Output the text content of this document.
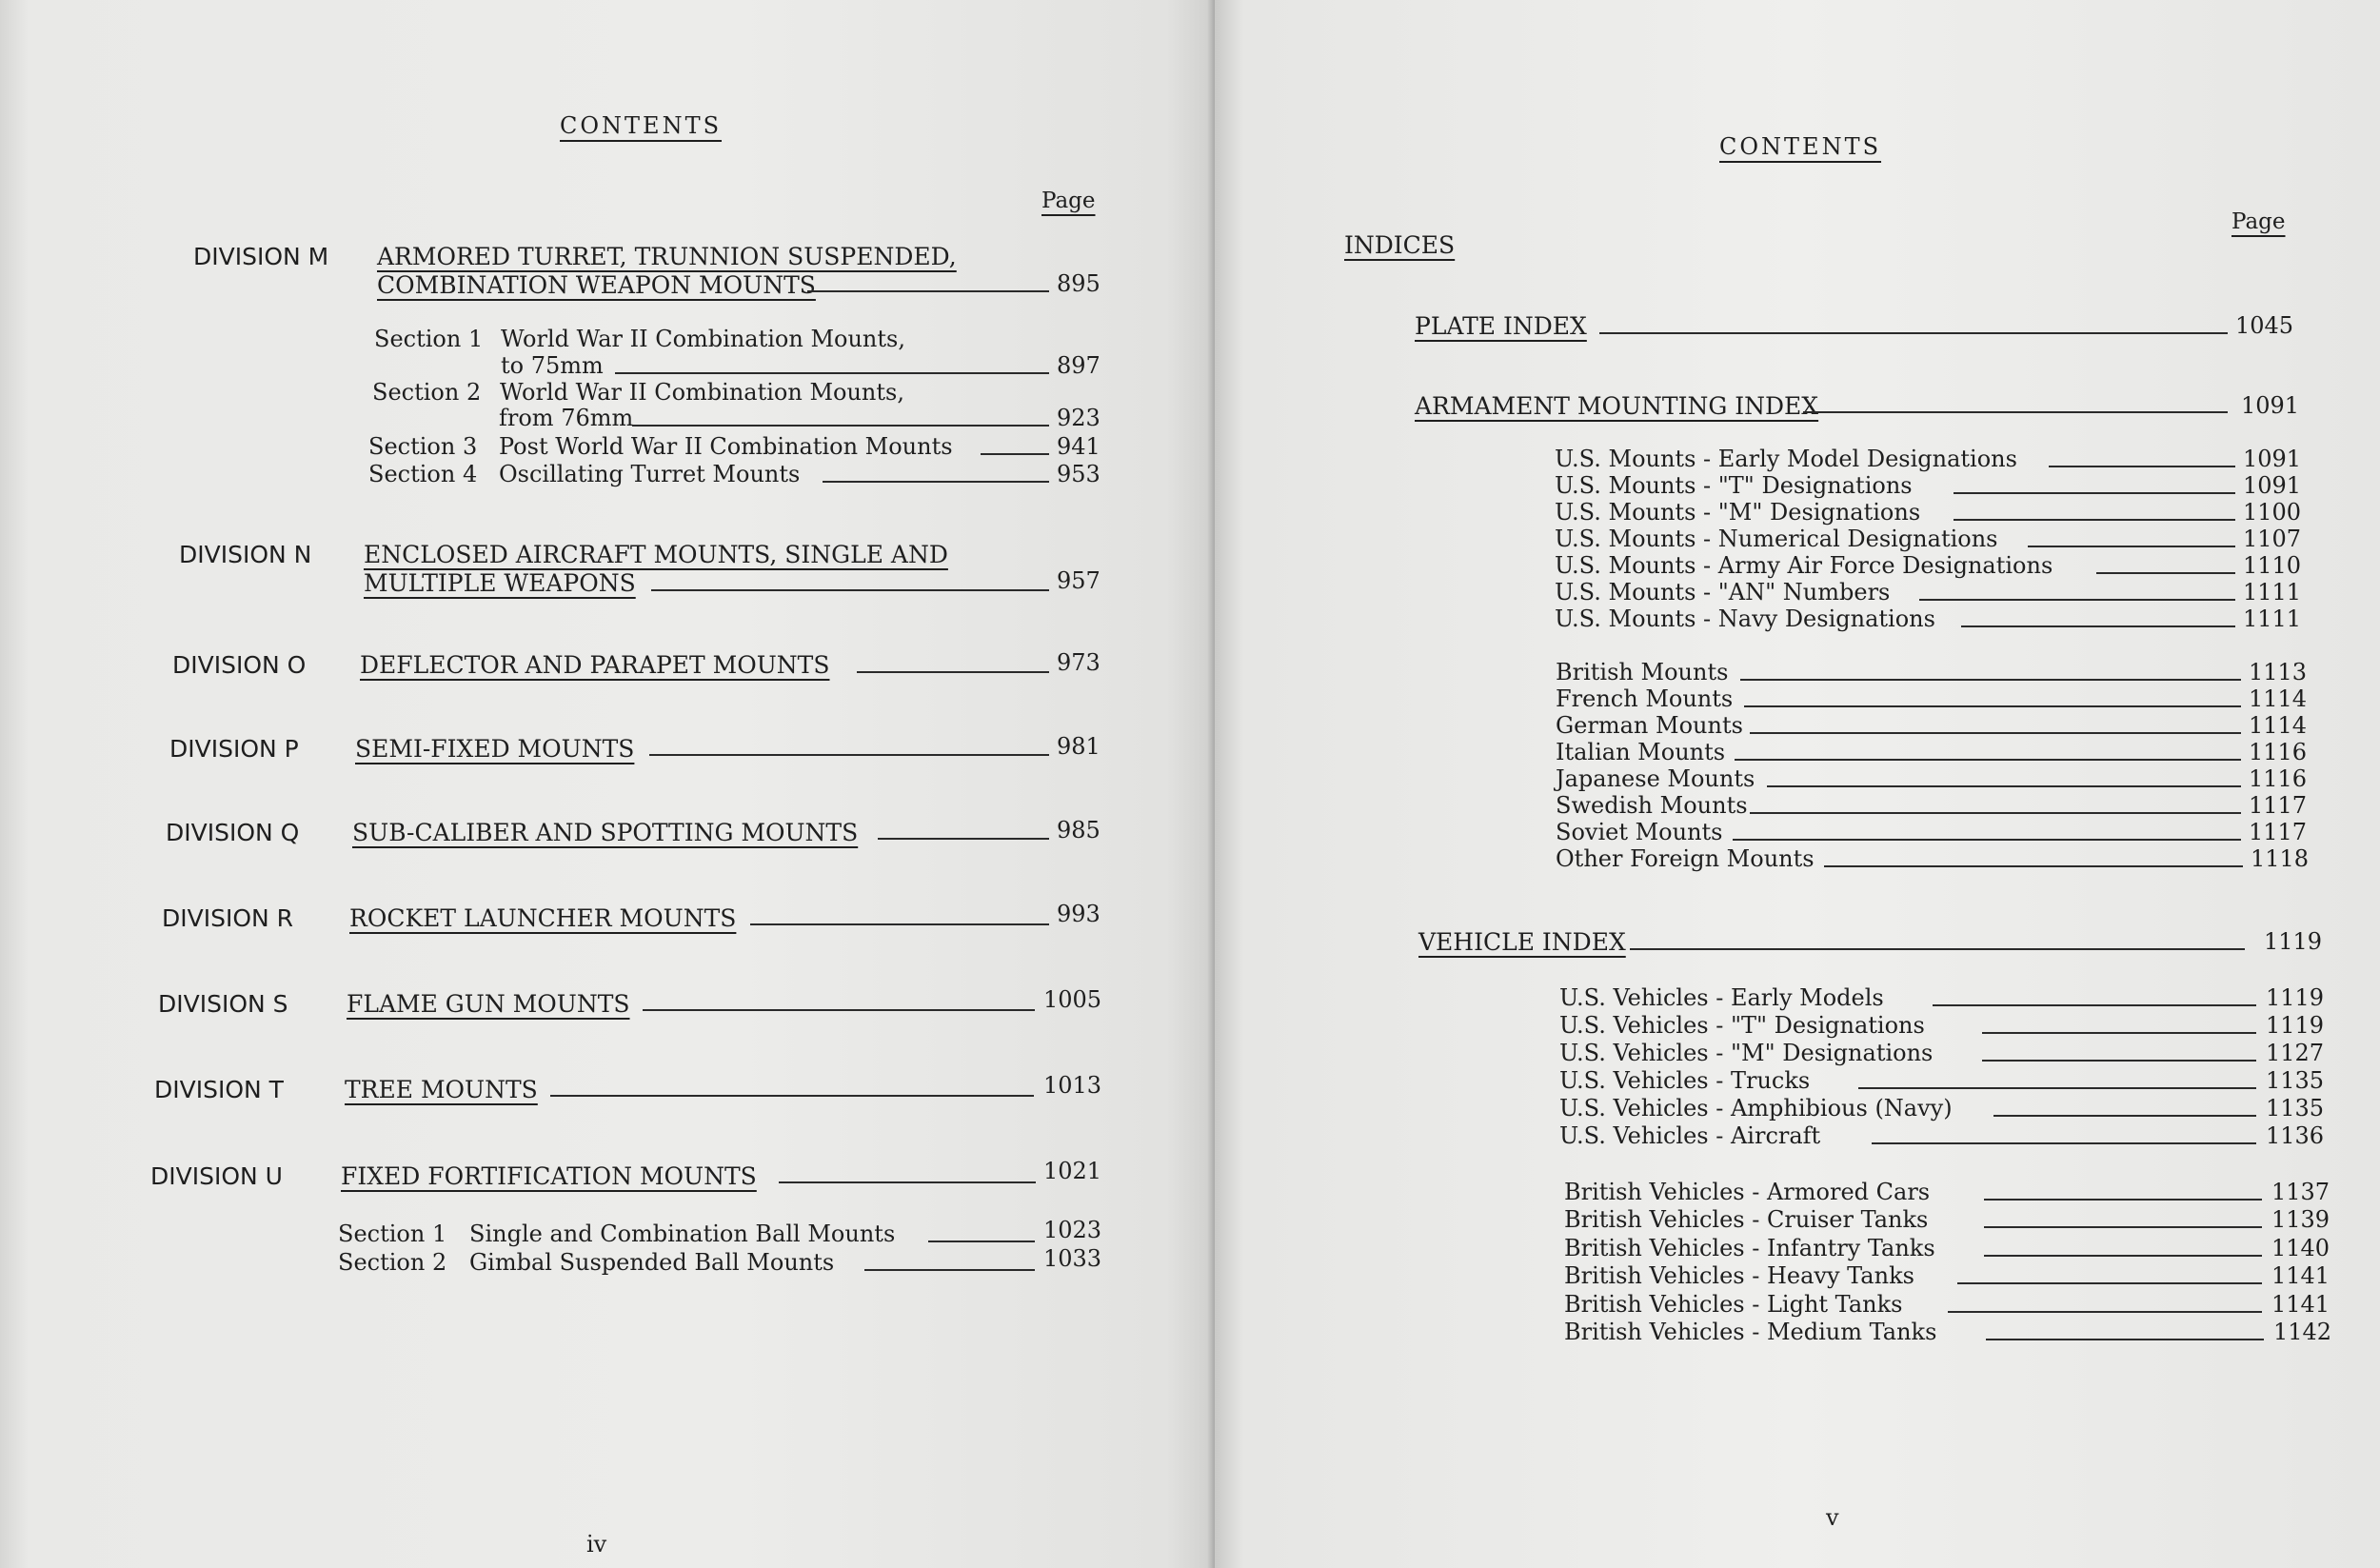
CONTENTS
Page
DIVISION M ARMORED TURRET, TRUNNION SUSPENDED,
COMBINATION WEAPON MOUNTS	895
Section 1 World War II Combination Mounts,
to 75mm	897
Section 2 World War II Combination Mounts,
from 76mm	923
Section 3 Post World War II Combination Mounts	941
Section 4 Oscillating Turret Mounts	953
DIVISION N ENCLOSED AIRCRAFT MOUNTS, SINGLE AND
MULTIPLE WEAPONS	957
DIVISION O DEFLECTOR AND PARAPET MOUNTS	973
DIVISION P SEMI-FIXED MOUNTS	981
DIVISION Q SUB-CALIBER AND SPOTTING MOUNTS	985
DIVISION R ROCKET LAUNCHER MOUNTS	993
DIVISION S FLAME GUN MOUNTS	1005
DIVISION T	TREE MOUNTS	1013
DIVISION U FIXED FORTIFICATION MOUNTS	1021
Section 1 Single and Combination Ball Mounts	1023
Section 2 Gimbal Suspended Ball Mounts	1033
iv
CONTENTS
Page
INDICES
PLATE INDEX	1045
ARMAMENT MOUNTING INDEX	1091
U.S. Mounts - Early Model Designations	1091
U.S. Mounts - "T" Designations	1091
U.S. Mounts - "M" Designations	1100
U.S. Mounts - Numerical Designations	1107
U.S. Mounts - Army Air Force Designations	1110
U.S. Mounts - "AN" Numbers	1111
U.S. Mounts - Navy Designations	1111
British Mounts	1113
French Mounts	1114
German Mounts	1114
Italian Mounts	1116
Japanese Mounts	1116
Swedish Mounts	1117
Soviet Mounts	1117
Other Foreign Mounts	1118
VEHICLE INDEX	1119
U.S. Vehicles - Early Models	1119
U.S. Vehicles - "T" Designations	1119
U.S. Vehicles - "M" Designations	1127
U.S. Vehicles - Trucks	1135
U.S. Vehicles - Amphibious (Navy)	1135
U.S. Vehicles - Aircraft	1136
British Vehicles - Armored Cars	1137
British Vehicles - Cruiser Tanks	1139
British Vehicles - Infantry Tanks	1140
British Vehicles - Heavy Tanks	1141
British Vehicles - Light Tanks	1141
British Vehicles - Medium Tanks	1142
v
